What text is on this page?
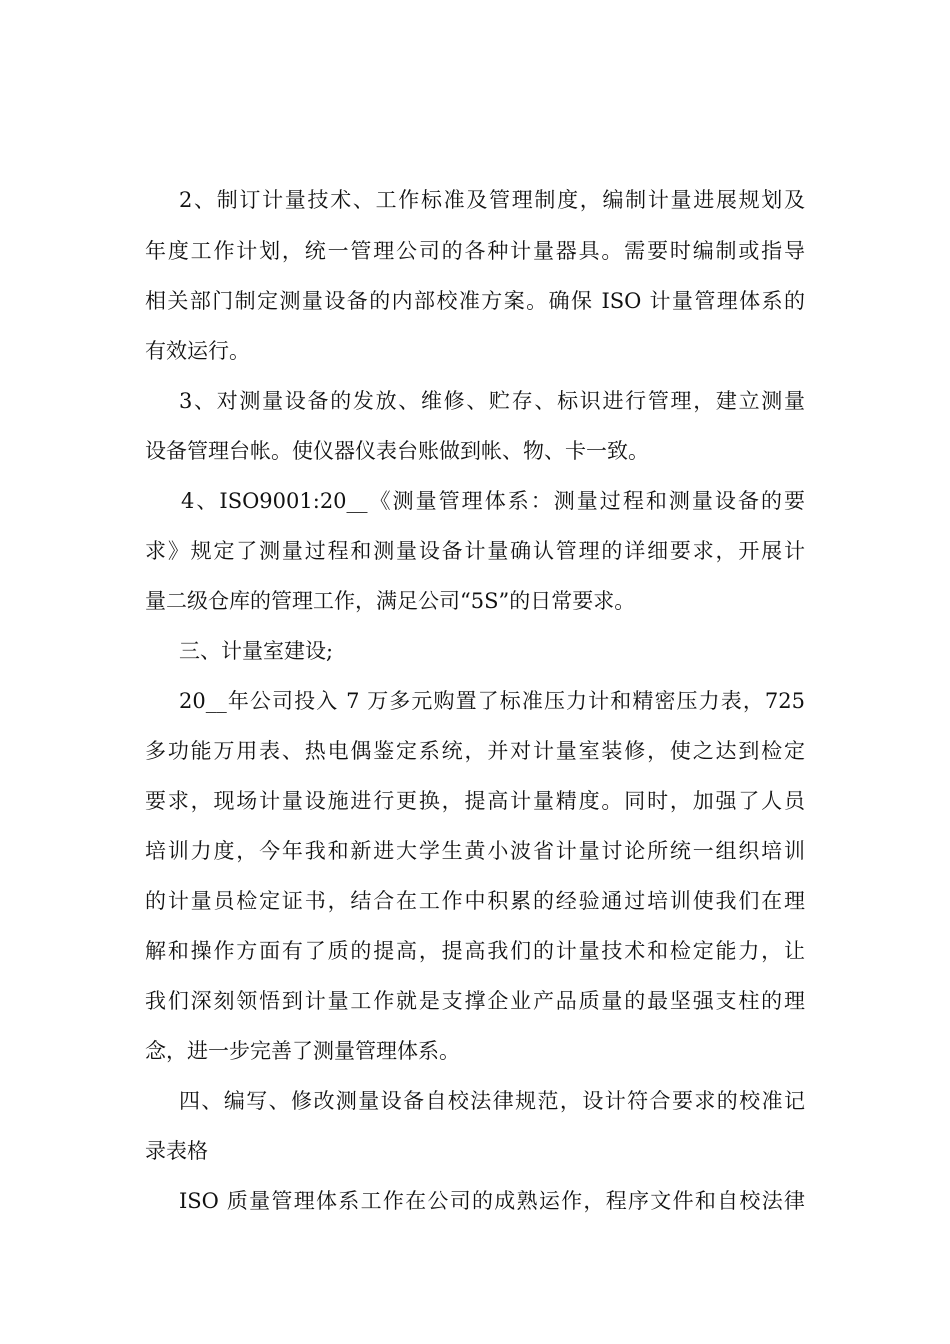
2、制订计量技术、工作标准及管理制度，编制计量进展规划及
年度工作计划，统一管理公司的各种计量器具。需要时编制或指导
相关部门制定测量设备的内部校准方案。确保 ISO 计量管理体系的
有效运行。
3、对测量设备的发放、维修、贮存、标识进行管理，建立测量
设备管理台帐。使仪器仪表台账做到帐、物、卡一致。
4、ISO9001:20__《测量管理体系：测量过程和测量设备的要
求》规定了测量过程和测量设备计量确认管理的详细要求，开展计
量二级仓库的管理工作，满足公司“5S”的日常要求。
三、计量室建设;
20__年公司投入 7 万多元购置了标准压力计和精密压力表，725
多功能万用表、热电偶鉴定系统，并对计量室装修，使之达到检定
要求，现场计量设施进行更换，提高计量精度。同时，加强了人员
培训力度，今年我和新进大学生黄小波省计量讨论所统一组织培训
的计量员检定证书，结合在工作中积累的经验通过培训使我们在理
解和操作方面有了质的提高，提高我们的计量技术和检定能力，让
我们深刻领悟到计量工作就是支撑企业产品质量的最坚强支柱的理
念，进一步完善了测量管理体系。
四、编写、修改测量设备自校法律规范，设计符合要求的校准记
录表格
ISO 质量管理体系工作在公司的成熟运作，程序文件和自校法律
